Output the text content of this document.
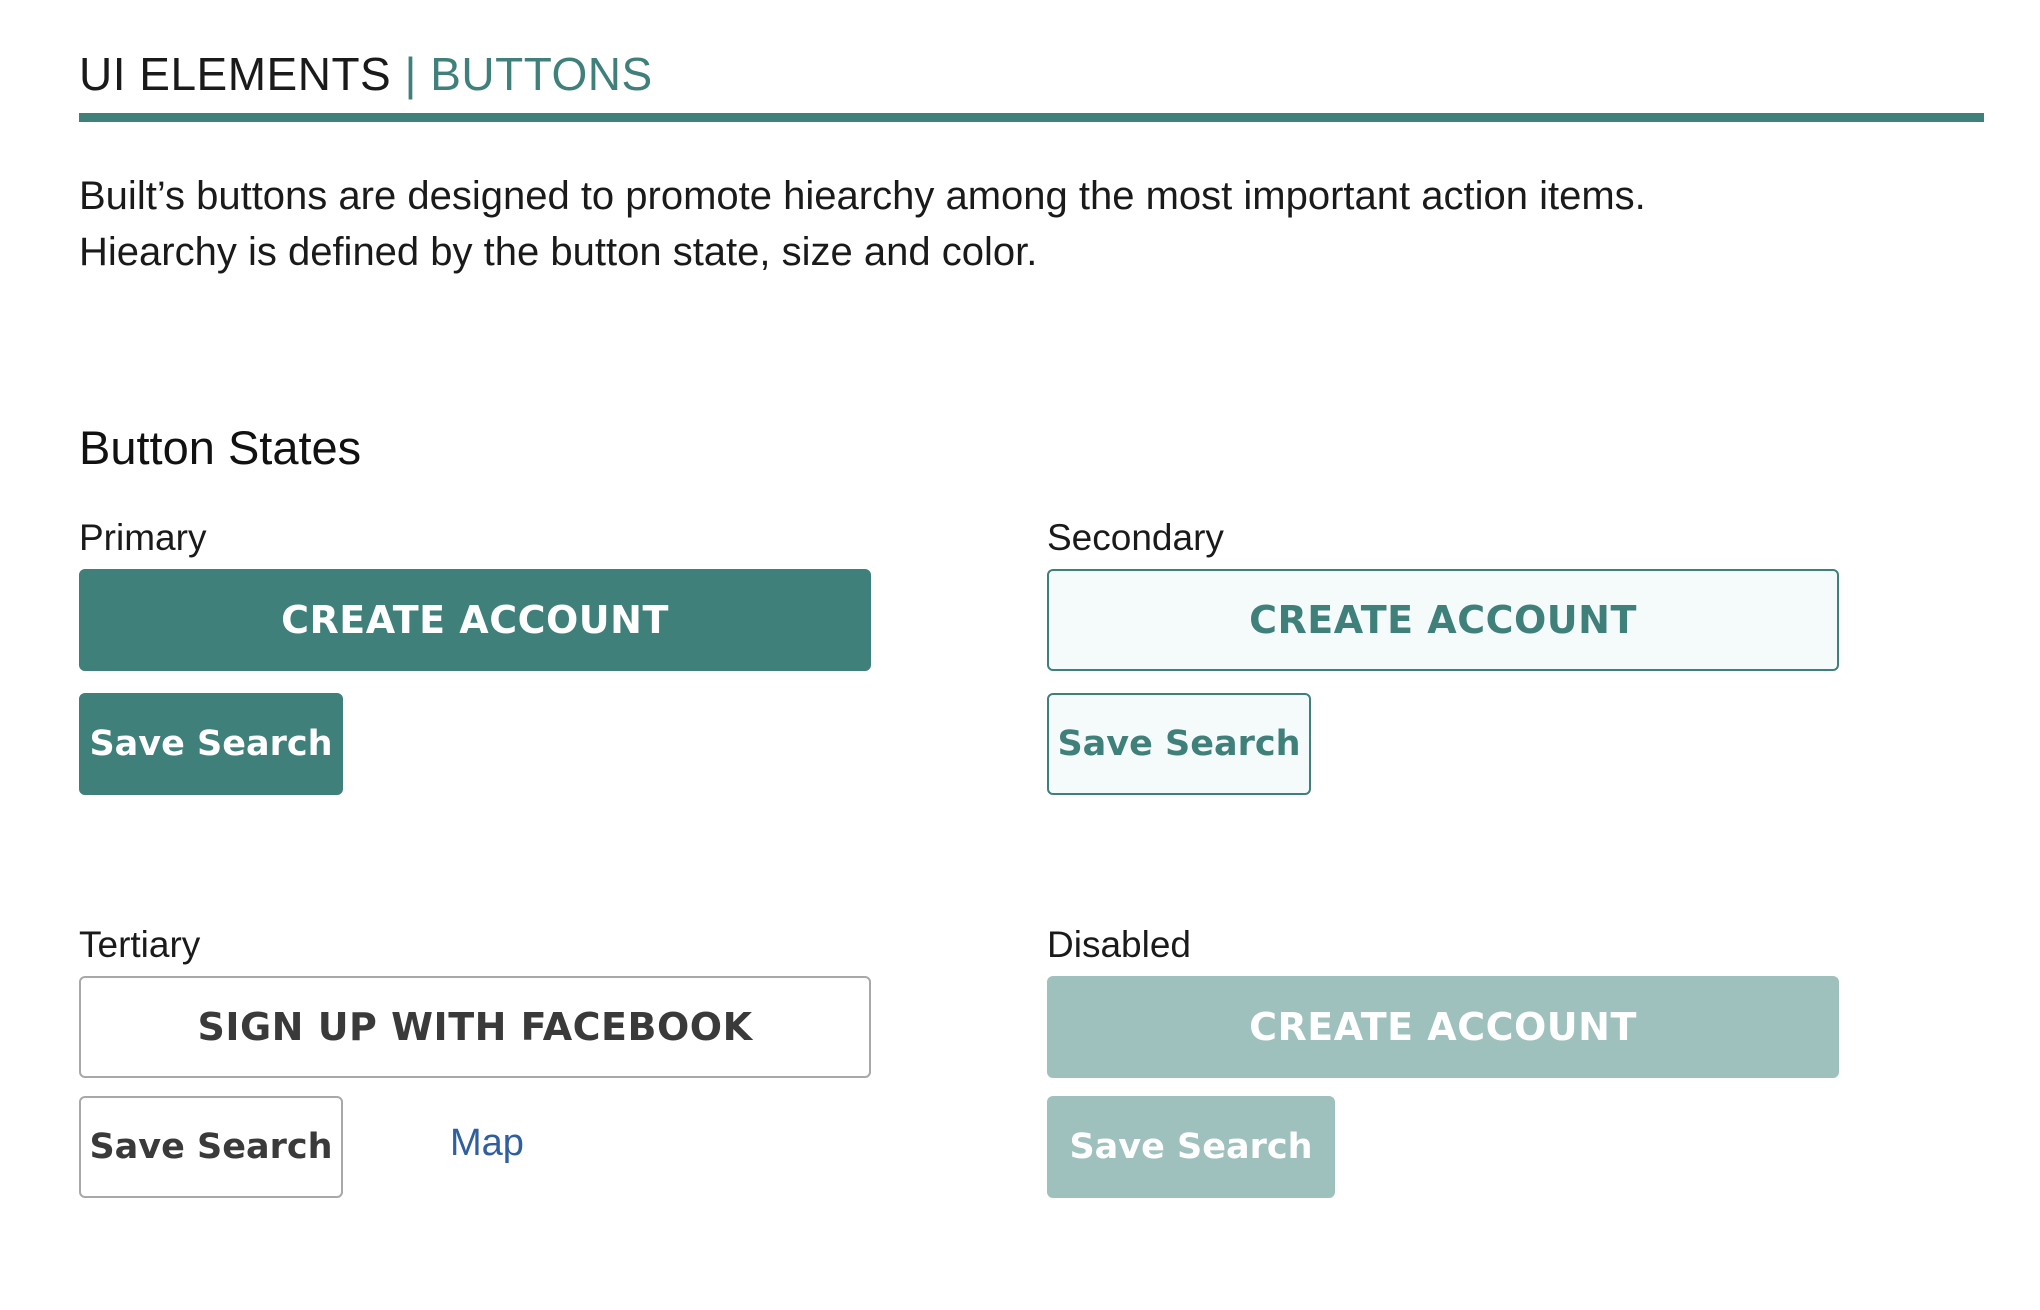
UI ELEMENTS | BUTTONS

Built’s buttons are designed to promote hiearchy among the most important action items.

Hiearchy is defined by the button state, size and color.

Button States
Primary
CREATE ACCOUNT
Save Search
Secondary
CREATE ACCOUNT
Save Search
Tertiary
SIGN UP WITH FACEBOOK
Save Search	Map
Disabled
CREATE ACCOUNT
Save Search
